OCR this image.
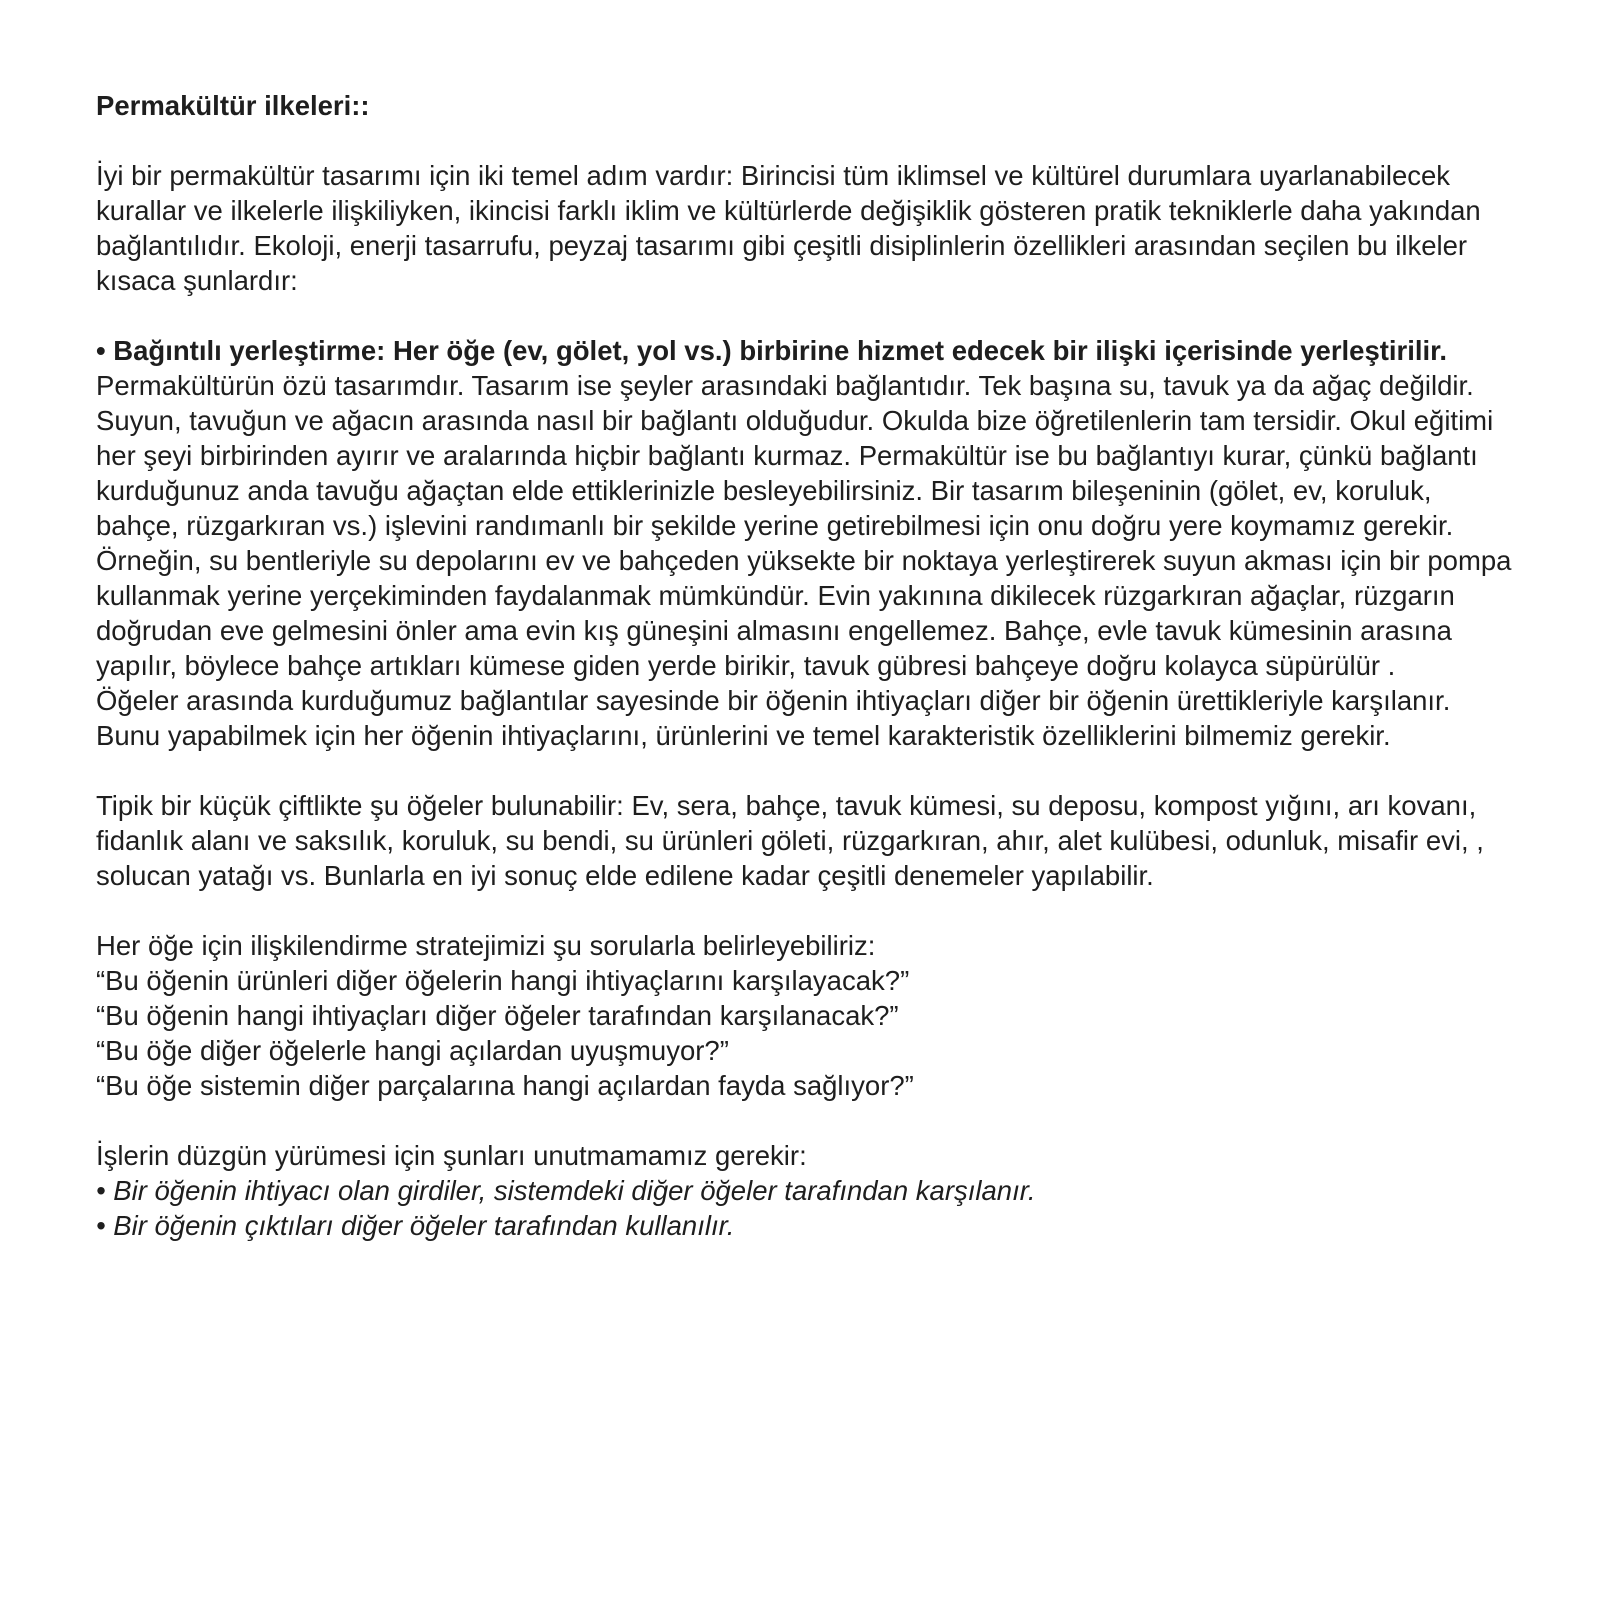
Permakültür ilkeleri::

İyi bir permakültür tasarımı için iki temel adım vardır: Birincisi tüm iklimsel ve kültürel durumlara uyarlanabilecek kurallar ve ilkelerle ilişkiliyken, ikincisi farklı iklim ve kültürlerde değişiklik gösteren pratik tekniklerle daha yakından bağlantılıdır. Ekoloji, enerji tasarrufu, peyzaj tasarımı gibi çeşitli disiplinlerin özellikleri arasından seçilen bu ilkeler kısaca şunlardır:

• Bağıntılı yerleştirme: Her öğe (ev, gölet, yol vs.) birbirine hizmet edecek bir ilişki içerisinde yerleştirilir.

Permakültürün özü tasarımdır. Tasarım ise şeyler arasındaki bağlantıdır. Tek başına su, tavuk ya da ağaç değildir. Suyun, tavuğun ve ağacın arasında nasıl bir bağlantı olduğudur. Okulda bize öğretilenlerin tam tersidir. Okul eğitimi her şeyi birbirinden ayırır ve aralarında hiçbir bağlantı kurmaz. Permakültür ise bu bağlantıyı kurar, çünkü bağlantı kurduğunuz anda tavuğu ağaçtan elde ettiklerinizle besleyebilirsiniz. Bir tasarım bileşeninin (gölet, ev, koruluk, bahçe, rüzgarkıran vs.) işlevini randımanlı bir şekilde yerine getirebilmesi için onu doğru yere koymamız gerekir.

Örneğin, su bentleriyle su depolarını ev ve bahçeden yüksekte bir noktaya yerleştirerek suyun akması için bir pompa kullanmak yerine yerçekiminden faydalanmak mümkündür. Evin yakınına dikilecek rüzgarkıran ağaçlar, rüzgarın doğrudan eve gelmesini önler ama evin kış güneşini almasını engellemez. Bahçe, evle tavuk kümesinin arasına yapılır, böylece bahçe artıkları kümese giden yerde birikir, tavuk gübresi bahçeye doğru kolayca süpürülür .

Öğeler arasında kurduğumuz bağlantılar sayesinde bir öğenin ihtiyaçları diğer bir öğenin ürettikleriyle karşılanır. Bunu yapabilmek için her öğenin ihtiyaçlarını, ürünlerini ve temel karakteristik özelliklerini bilmemiz gerekir.

Tipik bir küçük çiftlikte şu öğeler bulunabilir: Ev, sera, bahçe, tavuk kümesi, su deposu, kompost yığını, arı kovanı, fidanlık alanı ve saksılık, koruluk, su bendi, su ürünleri göleti, rüzgarkıran, ahır, alet kulübesi, odunluk, misafir evi, , solucan yatağı vs. Bunlarla en iyi sonuç elde edilene kadar çeşitli denemeler yapılabilir.

Her öğe için ilişkilendirme stratejimizi şu sorularla belirleyebiliriz:

“Bu öğenin ürünleri diğer öğelerin hangi ihtiyaçlarını karşılayacak?”

“Bu öğenin hangi ihtiyaçları diğer öğeler tarafından karşılanacak?”

“Bu öğe diğer öğelerle hangi açılardan uyuşmuyor?”

“Bu öğe sistemin diğer parçalarına hangi açılardan fayda sağlıyor?”

İşlerin düzgün yürümesi için şunları unutmamamız gerekir:

• Bir öğenin ihtiyacı olan girdiler, sistemdeki diğer öğeler tarafından karşılanır.

• Bir öğenin çıktıları diğer öğeler tarafından kullanılır.
